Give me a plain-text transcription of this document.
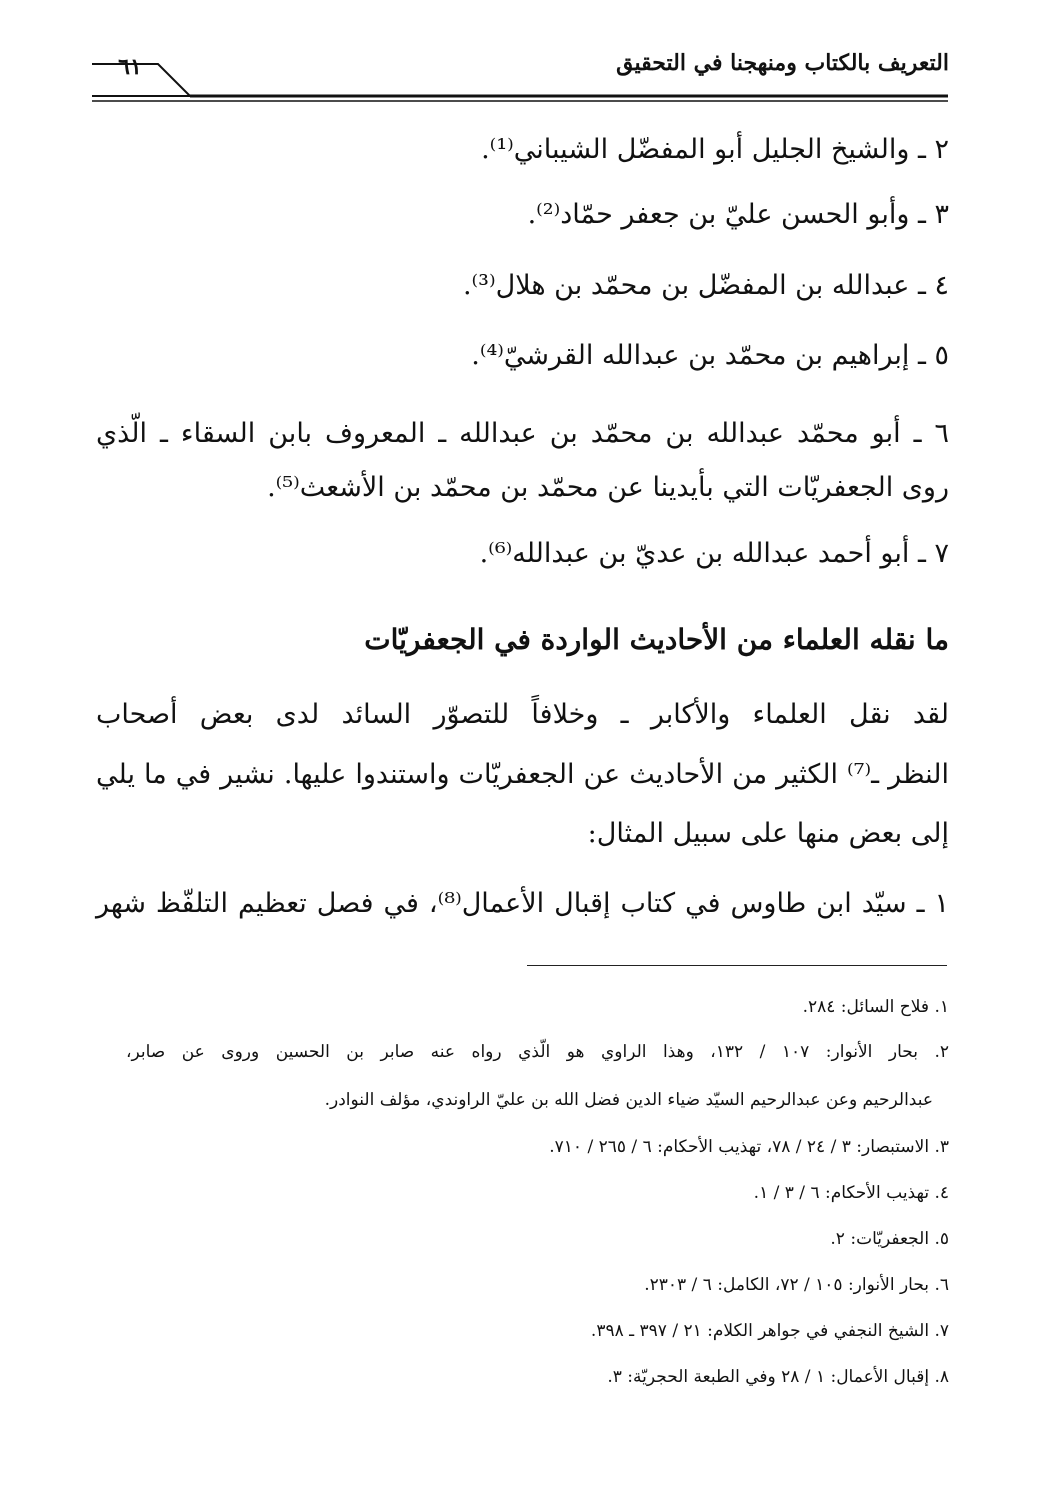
التعريف بالكتاب ومنهجنا في التحقيق
٦١
٢ ـ والشيخ الجليل أبو المفضّل الشيباني⁽¹⁾.
٣ ـ وأبو الحسن عليّ بن جعفر حمّاد⁽²⁾.
٤ ـ عبدالله بن المفضّل بن محمّد بن هلال⁽³⁾.
٥ ـ إبراهيم بن محمّد بن عبدالله القرشيّ⁽⁴⁾.
٦ ـ أبو محمّد عبدالله بن محمّد بن عبدالله ـ المعروف بابن السقاء ـ الّذي
روى الجعفريّات التي بأيدينا عن محمّد بن محمّد بن الأشعث⁽⁵⁾.
٧ ـ أبو أحمد عبدالله بن عديّ بن عبدالله⁽⁶⁾.
ما نقله العلماء من الأحاديث الواردة في الجعفريّات
لقد نقل العلماء والأكابر ـ وخلافاً للتصوّر السائد لدى بعض أصحاب
النظر ـ⁽⁷⁾ الكثير من الأحاديث عن الجعفريّات واستندوا عليها. نشير في ما يلي
إلى بعض منها على سبيل المثال:
١ ـ سيّد ابن طاوس في كتاب إقبال الأعمال⁽⁸⁾، في فصل تعظيم التلفّظ شهر
١. فلاح السائل: ٢٨٤.
٢. بحار الأنوار: ١٠٧ / ١٣٢، وهذا الراوي هو الّذي رواه عنه صابر بن الحسين وروى عن صابر،
عبدالرحيم وعن عبدالرحيم السيّد ضياء الدين فضل الله بن عليّ الراوندي، مؤلف النوادر.
٣. الاستبصار: ٣ / ٢٤ / ٧٨، تهذيب الأحكام: ٦ / ٢٦٥ / ٧١٠.
٤. تهذيب الأحكام: ٦ / ٣ / ١.
٥. الجعفريّات: ٢.
٦. بحار الأنوار: ١٠٥ / ٧٢، الكامل: ٦ / ٢٣٠٣.
٧. الشيخ النجفي في جواهر الكلام: ٢١ / ٣٩٧ ـ ٣٩٨.
٨. إقبال الأعمال: ١ / ٢٨ وفي الطبعة الحجريّة: ٣.
